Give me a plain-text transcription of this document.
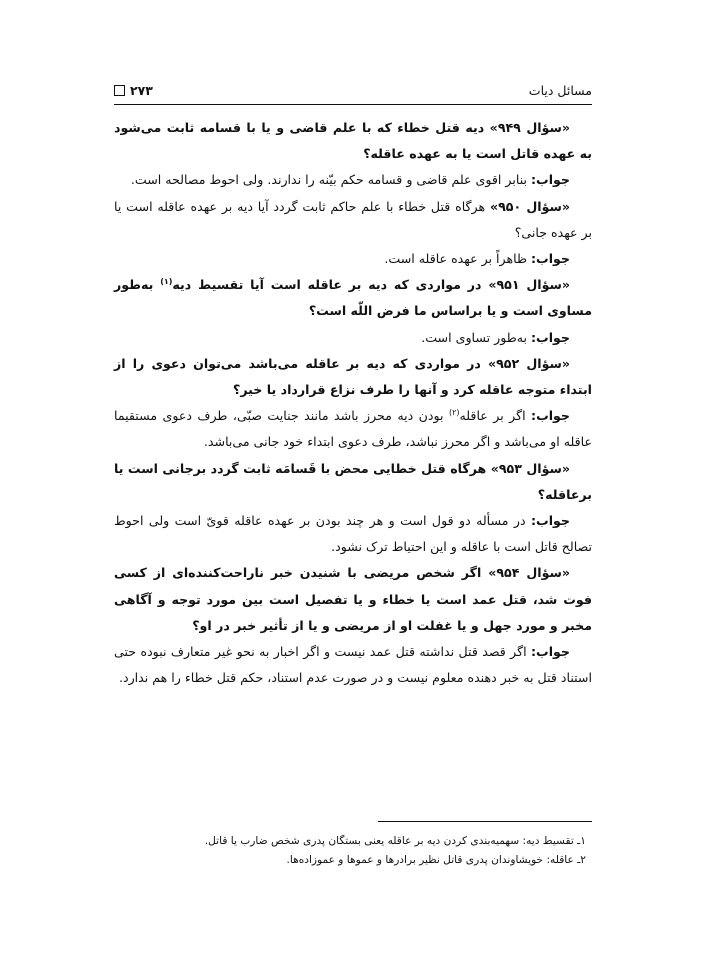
مسائل دیات
۲۷۳

«سؤال ۹۴۹» دیه قتل خطاء که با علم قاضی و یا با قسامه ثابت می‌شود به عهده قاتل است یا به عهده عاقله؟

جواب: بنابر اقوی علم قاضی و قسامه حکم بیّنه را ندارند. ولی احوط مصالحه است.

«سؤال ۹۵۰» هرگاه قتل خطاء با علم حاکم ثابت گردد آیا دیه بر عهده عاقله است یا بر عهده جانی؟

جواب: ظاهراً بر عهده عاقله است.

«سؤال ۹۵۱» در مواردی که دیه بر عاقله است آیا تقسیط دیه$^{(۱)}$ به‌طور مساوی است و یا براساس ما فرض اللّه است؟

جواب: به‌طور تساوی است.

«سؤال ۹۵۲» در مواردی که دیه بر عاقله می‌باشد می‌توان دعوی را از ابتداء متوجه عاقله کرد و آنها را طرف نزاع قرارداد یا خیر؟

جواب: اگر بر عاقله$^{(۲)}$ بودن دیه محرز باشد مانند جنایت صبّی، طرف دعوی مستقیما عاقله او می‌باشد و اگر محرز نباشد، طرف دعوی ابتداء خود جانی می‌باشد.

«سؤال ۹۵۳» هرگاه قتل خطایی محض با قَسامَه ثابت گردد برجانی است یا برعاقله؟

جواب: در مسأله دو قول است و هر چند بودن بر عهده عاقله قویّ است ولی احوط تصالح قاتل است با عاقله و این احتیاط ترک نشود.

«سؤال ۹۵۴» اگر شخص مریضی با شنیدن خبر ناراحت‌کننده‌ای از کسی فوت شد، قتل عمد است یا خطاء و یا تفصیل است بین مورد توجه و آگاهی مخبر و مورد جهل و یا غفلت او از مریضی و یا از تأثیر خبر در او؟

جواب: اگر قصد قتل نداشته قتل عمد نیست و اگر اخبار به نحو غیر متعارف نبوده حتی استناد قتل به خبر دهنده معلوم نیست و در صورت عدم استناد، حکم قتل خطاء را هم ندارد.

۱ـ تقسیط دیه: سهمیه‌بندی کردن دیه بر عاقله یعنی بستگان پدری شخص ضارب یا قاتل.
۲ـ عاقله: خویشاوندان پدری قاتل نظیر برادرها و عموها و عموزاده‌ها.
